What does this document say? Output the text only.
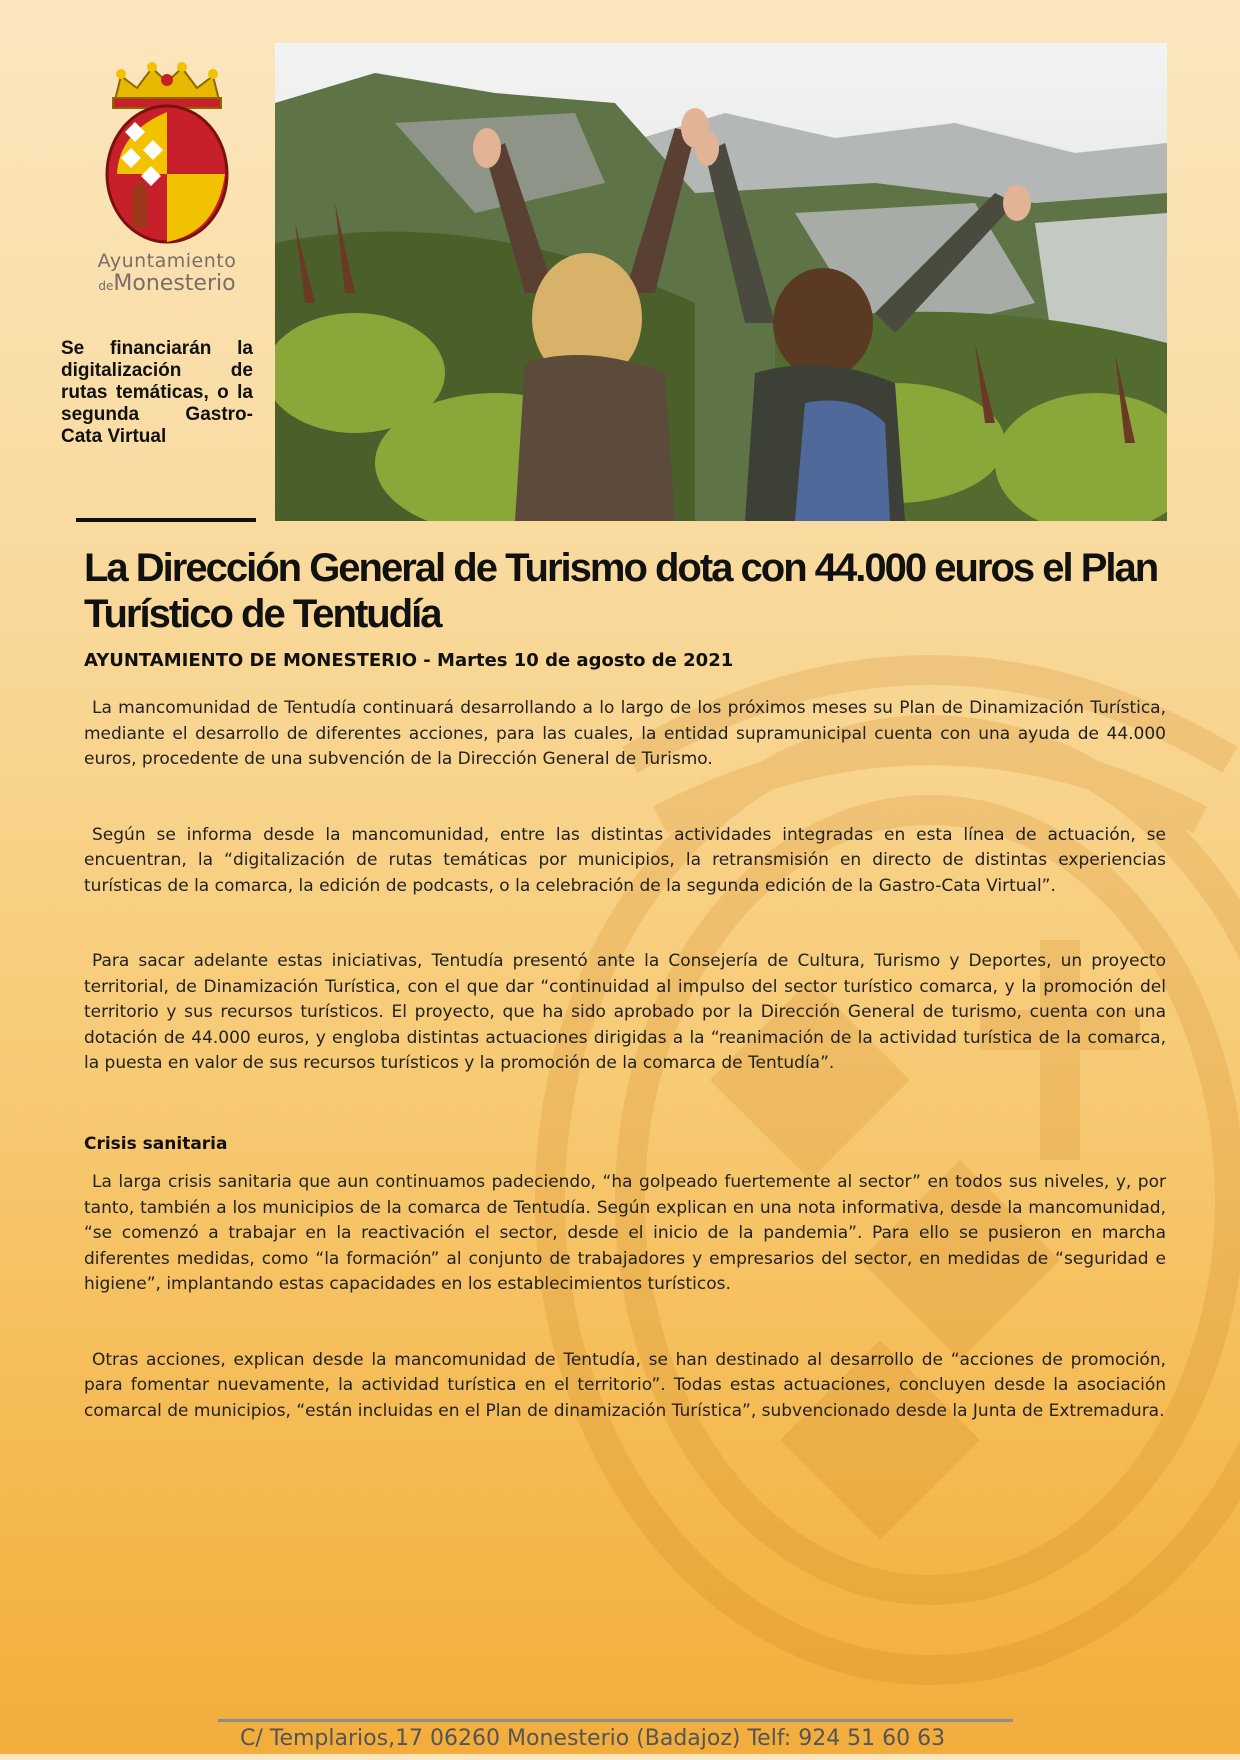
Ayuntamiento
deMonesterio
Se financiarán la digitalización de rutas temáticas, o la segunda Gastro-Cata Virtual
La Dirección General de Turismo dota con 44.000 euros el Plan Turístico de Tentudía
AYUNTAMIENTO DE MONESTERIO - Martes 10 de agosto de 2021

La mancomunidad de Tentudía continuará desarrollando a lo largo de los próximos meses su Plan de Dinamización Turística, mediante el desarrollo de diferentes acciones, para las cuales, la entidad supramunicipal cuenta con una ayuda de 44.000 euros, procedente de una subvención de la Dirección General de Turismo.

Según se informa desde la mancomunidad, entre las distintas actividades integradas en esta línea de actuación, se encuentran, la “digitalización de rutas temáticas por municipios, la retransmisión en directo de distintas experiencias turísticas de la comarca, la edición de podcasts, o la celebración de la segunda edición de la Gastro-Cata Virtual”.

Para sacar adelante estas iniciativas, Tentudía presentó ante la Consejería de Cultura, Turismo y Deportes, un proyecto territorial, de Dinamización Turística, con el que dar “continuidad al impulso del sector turístico comarca, y la promoción del territorio y sus recursos turísticos. El proyecto, que ha sido aprobado por la Dirección General de turismo, cuenta con una dotación de 44.000 euros, y engloba distintas actuaciones dirigidas a la “reanimación de la actividad turística de la comarca, la puesta en valor de sus recursos turísticos y la promoción de la comarca de Tentudía”.

Crisis sanitaria

La larga crisis sanitaria que aun continuamos padeciendo, “ha golpeado fuertemente al sector” en todos sus niveles, y, por tanto, también a los municipios de la comarca de Tentudía. Según explican en una nota informativa, desde la mancomunidad, “se comenzó a trabajar en la reactivación el sector, desde el inicio de la pandemia”. Para ello se pusieron en marcha diferentes medidas, como “la formación” al conjunto de trabajadores y empresarios del sector, en medidas de “seguridad e higiene”, implantando estas capacidades en los establecimientos turísticos.

Otras acciones, explican desde la mancomunidad de Tentudía, se han destinado al desarrollo de “acciones de promoción, para fomentar nuevamente, la actividad turística en el territorio”. Todas estas actuaciones, concluyen desde la asociación comarcal de municipios, “están incluidas en el Plan de dinamización Turística”, subvencionado desde la Junta de Extremadura.

C/ Templarios,17 06260 Monesterio (Badajoz) Telf: 924 51 60 63
